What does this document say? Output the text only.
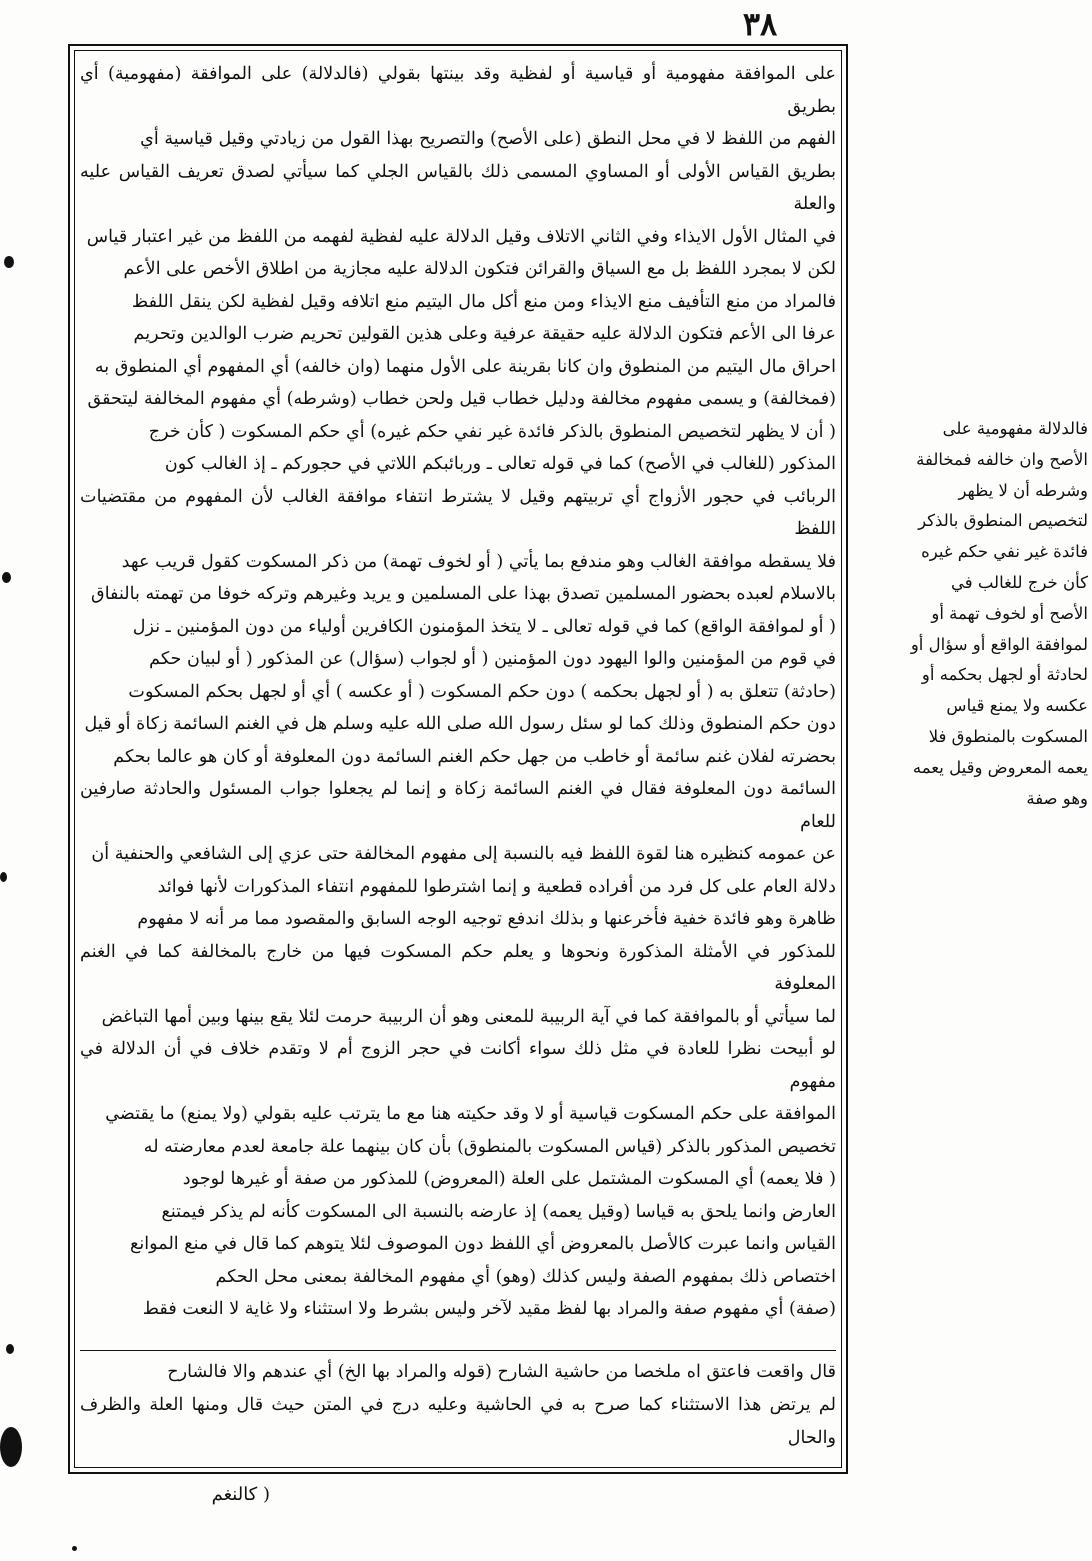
٣٨

على الموافقة مفهومية أو قياسية أو لفظية وقد بينتها بقولي (فالدلالة) على الموافقة (مفهومية) أي بطريق

الفهم من اللفظ لا في محل النطق (على الأصح) والتصريح بهذا القول من زيادتي وقيل قياسية أي

بطريق القياس الأولى أو المساوي المسمى ذلك بالقياس الجلي كما سيأتي لصدق تعريف القياس عليه والعلة

في المثال الأول الايذاء وفي الثاني الاتلاف وقيل الدلالة عليه لفظية لفهمه من اللفظ من غير اعتبار قياس

لكن لا بمجرد اللفظ بل مع السياق والقرائن فتكون الدلالة عليه مجازية من اطلاق الأخص على الأعم

فالمراد من منع التأفيف منع الايذاء ومن منع أكل مال اليتيم منع اتلافه وقيل لفظية لكن ينقل اللفظ

عرفا الى الأعم فتكون الدلالة عليه حقيقة عرفية وعلى هذين القولين تحريم ضرب الوالدين وتحريم

احراق مال اليتيم من المنطوق وان كانا بقرينة على الأول منهما (وان خالفه) أي المفهوم أي المنطوق به

(فمخالفة) و يسمى مفهوم مخالفة ودليل خطاب قيل ولحن خطاب (وشرطه) أي مفهوم المخالفة ليتحقق

( أن لا يظهر لتخصيص المنطوق بالذكر فائدة غير نفي حكم غيره) أي حكم المسكوت ( كأن خرج

المذكور (للغالب في الأصح) كما في قوله تعالى ـ وربائبكم اللاتي في حجوركم ـ إذ الغالب كون

الربائب في حجور الأزواج أي تربيتهم وقيل لا يشترط انتفاء موافقة الغالب لأن المفهوم من مقتضيات اللفظ

فلا يسقطه موافقة الغالب وهو مندفع بما يأتي ( أو لخوف تهمة) من ذكر المسكوت كقول قريب عهد

بالاسلام لعبده بحضور المسلمين تصدق بهذا على المسلمين و يريد وغيرهم وتركه خوفا من تهمته بالنفاق

( أو لموافقة الواقع) كما في قوله تعالى ـ لا يتخذ المؤمنون الكافرين أولياء من دون المؤمنين ـ نزل

في قوم من المؤمنين والوا اليهود دون المؤمنين ( أو لجواب (سؤال) عن المذكور ( أو لبيان حكم

(حادثة) تتعلق به ( أو لجهل بحكمه ) دون حكم المسكوت ( أو عكسه ) أي أو لجهل بحكم المسكوت

دون حكم المنطوق وذلك كما لو سئل رسول الله صلى الله عليه وسلم هل في الغنم السائمة زكاة أو قيل

بحضرته لفلان غنم سائمة أو خاطب من جهل حكم الغنم السائمة دون المعلوفة أو كان هو عالما بحكم

السائمة دون المعلوفة فقال في الغنم السائمة زكاة و إنما لم يجعلوا جواب المسئول والحادثة صارفين للعام

عن عمومه كنظيره هنا لقوة اللفظ فيه بالنسبة إلى مفهوم المخالفة حتى عزي إلى الشافعي والحنفية أن

دلالة العام على كل فرد من أفراده قطعية و إنما اشترطوا للمفهوم انتفاء المذكورات لأنها فوائد

ظاهرة وهو فائدة خفية فأخرعنها و بذلك اندفع توجيه الوجه السابق والمقصود مما مر أنه لا مفهوم

للمذكور في الأمثلة المذكورة ونحوها و يعلم حكم المسكوت فيها من خارج بالمخالفة كما في الغنم المعلوفة

لما سيأتي أو بالموافقة كما في آية الربيبة للمعنى وهو أن الربيبة حرمت لئلا يقع بينها وبين أمها التباغض

لو أبيحت نظرا للعادة في مثل ذلك سواء أكانت في حجر الزوج أم لا وتقدم خلاف في أن الدلالة في مفهوم

الموافقة على حكم المسكوت قياسية أو لا وقد حكيته هنا مع ما يترتب عليه بقولي (ولا يمنع) ما يقتضي

تخصيص المذكور بالذكر (قياس المسكوت بالمنطوق) بأن كان بينهما علة جامعة لعدم معارضته له

( فلا يعمه) أي المسكوت المشتمل على العلة (المعروض) للمذكور من صفة أو غيرها لوجود

العارض وانما يلحق به قياسا (وقيل يعمه) إذ عارضه بالنسبة الى المسكوت كأنه لم يذكر فيمتنع

القياس وانما عبرت كالأصل بالمعروض أي اللفظ دون الموصوف لئلا يتوهم كما قال في منع الموانع

اختصاص ذلك بمفهوم الصفة وليس كذلك (وهو) أي مفهوم المخالفة بمعنى محل الحكم

(صفة) أي مفهوم صفة والمراد بها لفظ مقيد لآخر وليس بشرط ولا استثناء ولا غاية لا النعت فقط

قال واقعت فاعتق اه ملخصا من حاشية الشارح (قوله والمراد بها الخ) أي عندهم والا فالشارح

لم يرتض هذا الاستثناء كما صرح به في الحاشية وعليه درج في المتن حيث قال ومنها العلة والظرف والحال

فالدلالة مفهومية على

الأصح وان خالفه فمخالفة

وشرطه أن لا يظهر

لتخصيص المنطوق بالذكر

فائدة غير نفي حكم غيره

كأن خرج للغالب في

الأصح أو لخوف تهمة أو

لموافقة الواقع أو سؤال أو

لحادثة أو لجهل بحكمه أو

عكسه ولا يمنع قياس

المسكوت بالمنطوق فلا

يعمه المعروض وقيل يعمه

وهو صفة

( كالنغم
